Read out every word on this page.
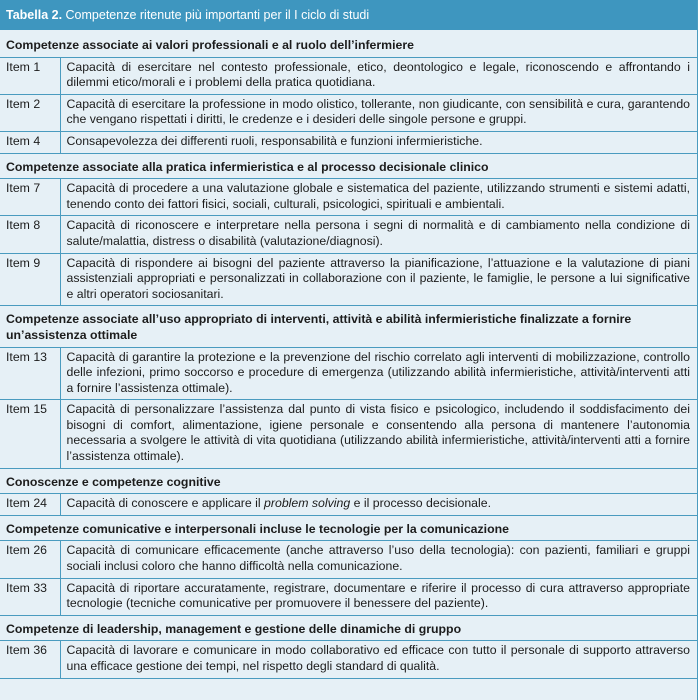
Tabella 2. Competenze ritenute più importanti per il I ciclo di studi

Competenze associate ai valori professionali e al ruolo dell’infermiere	
Item 1	Capacità di esercitare nel contesto professionale, etico, deontologico e legale, riconoscendo e affrontando i dilemmi etico/morali e i problemi della pratica quotidiana.
Item 2	Capacità di esercitare la professione in modo olistico, tollerante, non giudicante, con sensibilità e cura, garantendo che vengano rispettati i diritti, le credenze e i desideri delle singole persone e gruppi.
Item 4	Consapevolezza dei differenti ruoli, responsabilità e funzioni infermieristiche.
Competenze associate alla pratica infermieristica e al processo decisionale clinico	
Item 7	Capacità di procedere a una valutazione globale e sistematica del paziente, utilizzando strumenti e sistemi adatti, tenendo conto dei fattori fisici, sociali, culturali, psicologici, spirituali e ambientali.
Item 8	Capacità di riconoscere e interpretare nella persona i segni di normalità e di cambiamento nella condizione di salute/malattia, distress o disabilità (valutazione/diagnosi).
Item 9	Capacità di rispondere ai bisogni del paziente attraverso la pianificazione, l’attuazione e la valutazione di piani assistenziali appropriati e personalizzati in collaborazione con il paziente, le famiglie, le persone a lui significative e altri operatori sociosanitari.
Competenze associate all’uso appropriato di interventi, attività e abilità infermieristiche finalizzate a fornire un’assistenza ottimale	
Item 13	Capacità di garantire la protezione e la prevenzione del rischio correlato agli interventi di mobilizzazione, controllo delle infezioni, primo soccorso e procedure di emergenza (utilizzando abilità infermieristiche, attività/interventi atti a fornire l’assistenza ottimale).
Item 15	Capacità di personalizzare l’assistenza dal punto di vista fisico e psicologico, includendo il soddisfacimento dei bisogni di comfort, alimentazione, igiene personale e consentendo alla persona di mantenere l’autonomia necessaria a svolgere le attività di vita quotidiana (utilizzando abilità infermieristiche, attività/interventi atti a fornire l’assistenza ottimale).
Conoscenze e competenze cognitive	
Item 24	Capacità di conoscere e applicare il problem solving e il processo decisionale.
Competenze comunicative e interpersonali incluse le tecnologie per la comunicazione	
Item 26	Capacità di comunicare efficacemente (anche attraverso l’uso della tecnologia): con pazienti, familiari e gruppi sociali inclusi coloro che hanno difficoltà nella comunicazione.
Item 33	Capacità di riportare accuratamente, registrare, documentare e riferire il processo di cura attraverso appropriate tecnologie (tecniche comunicative per promuovere il benessere del paziente).
Competenze di leadership, management e gestione delle dinamiche di gruppo	
Item 36	Capacità di lavorare e comunicare in modo collaborativo ed efficace con tutto il personale di supporto attraverso una efficace gestione dei tempi, nel rispetto degli standard di qualità.
